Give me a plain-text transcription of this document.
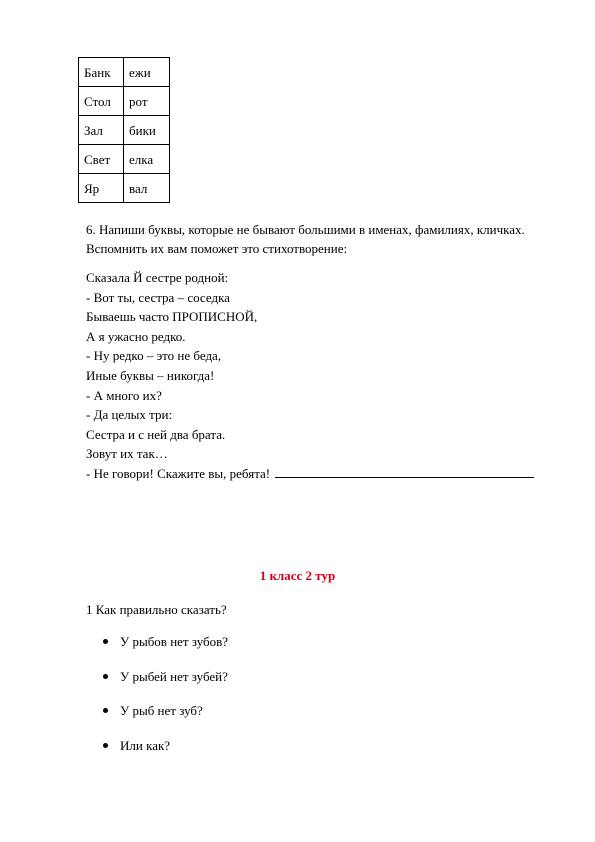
Банк	ежи
Стол	рот
Зал	бики
Свет	елка
Яр	вал

6. Напиши буквы, которые не бывают большими в именах, фамилиях, кличках.

Вспомнить их вам поможет это стихотворение:

Сказала Й сестре родной:

- Вот ты, сестра – соседка

Бываешь часто ПРОПИСНОЙ,

А я ужасно редко.

- Ну редко – это не беда,

Иные буквы – никогда!

- А много их?

- Да целых три:

Сестра и с ней два брата.

Зовут их так…

- Не говори! Скажите вы, ребята!

1 класс 2 тур
1 Как правильно сказать?
У рыбов нет зубов?
У рыбей нет зубей?
У рыб нет зуб?
Или как?
